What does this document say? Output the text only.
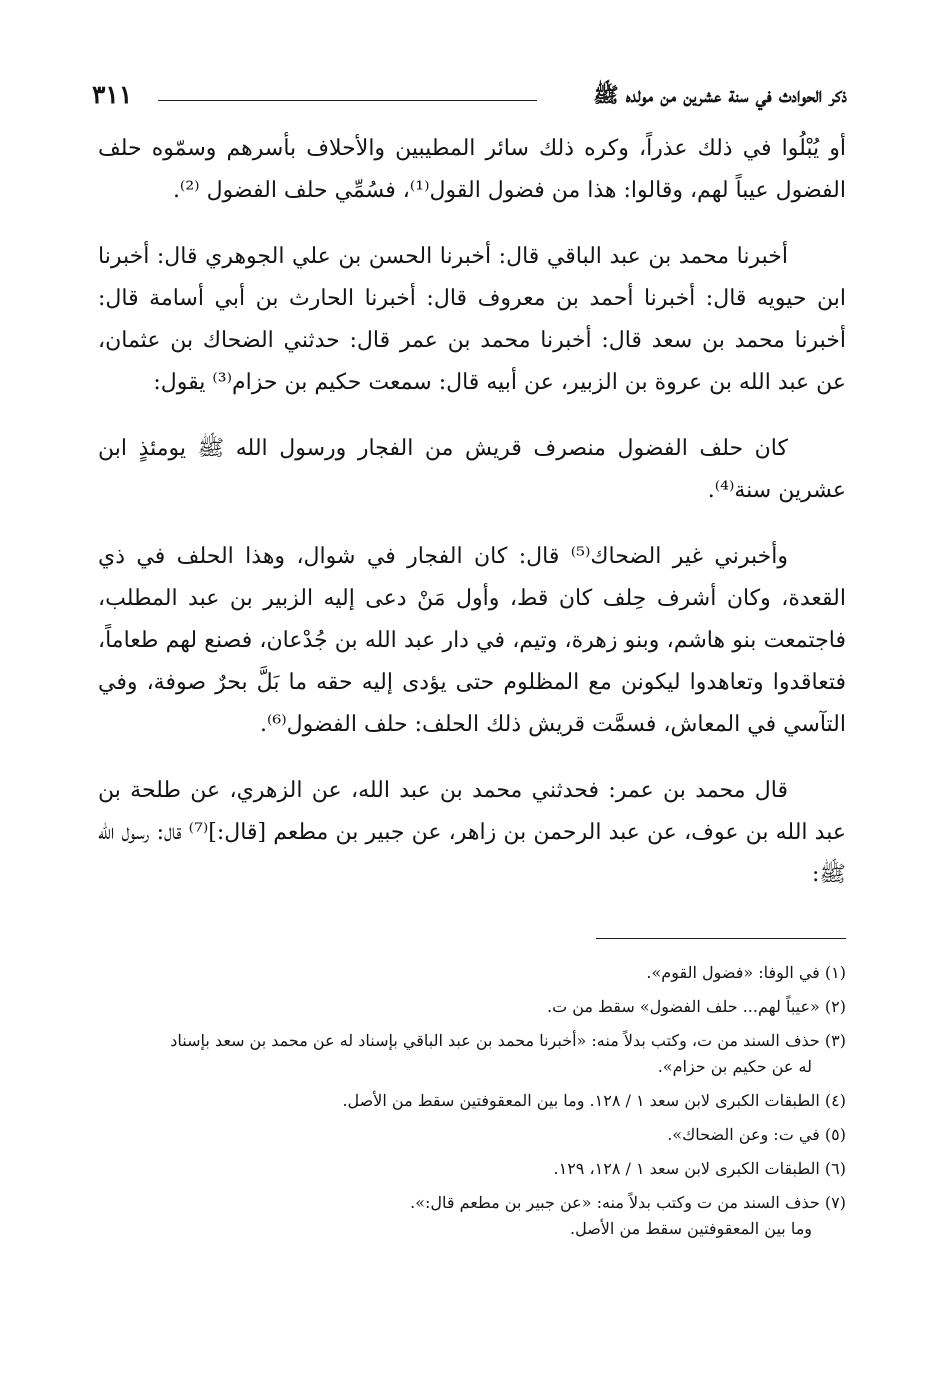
ذكر الحوادث في سنة عشرين من مولده ﷺ
٣١١

أو يُبْلُوا في ذلك عذراً، وكره ذلك سائر المطيبين والأحلاف بأسرهم وسمّوه حلف الفضول عيباً لهم، وقالوا: هذا من فضول القول⁽¹⁾، فسُمِّي حلف الفضول ⁽²⁾.

أخبرنا محمد بن عبد الباقي قال: أخبرنا الحسن بن علي الجوهري قال: أخبرنا ابن حيويه قال: أخبرنا أحمد بن معروف قال: أخبرنا الحارث بن أبي أسامة قال: أخبرنا محمد بن سعد قال: أخبرنا محمد بن عمر قال: حدثني الضحاك بن عثمان، عن عبد الله بن عروة بن الزبير، عن أبيه قال: سمعت حكيم بن حزام⁽³⁾ يقول:

كان حلف الفضول منصرف قريش من الفجار ورسول الله ﷺ يومئذٍ ابن عشرين سنة⁽⁴⁾.

وأخبرني غير الضحاك⁽⁵⁾ قال: كان الفجار في شوال، وهذا الحلف في ذي القعدة، وكان أشرف حِلف كان قط، وأول مَنْ دعى إليه الزبير بن عبد المطلب، فاجتمعت بنو هاشم، وبنو زهرة، وتيم، في دار عبد الله بن جُدْعان، فصنع لهم طعاماً، فتعاقدوا وتعاهدوا ليكونن مع المظلوم حتى يؤدى إليه حقه ما بَلَّ بحرٌ صوفة، وفي التآسي في المعاش، فسمَّت قريش ذلك الحلف: حلف الفضول⁽⁶⁾.

قال محمد بن عمر: فحدثني محمد بن عبد الله، عن الزهري، عن طلحة بن عبد الله بن عوف، عن عبد الرحمن بن زاهر، عن جبير بن مطعم [قال:]⁽⁷⁾ قال: رسول الله ﷺ:

(١) في الوفا: «فضول القوم».
(٢) «عيباً لهم... حلف الفضول» سقط من ت.
(٣) حذف السند من ت، وكتب بدلاً منه: «أخبرنا محمد بن عبد الباقي بإسناد له عن محمد بن سعد بإسناد
له عن حكيم بن حزام».
(٤) الطبقات الكبرى لابن سعد ١ / ١٢٨. وما بين المعقوفتين سقط من الأصل.
(٥) في ت: وعن الضحاك».
(٦) الطبقات الكبرى لابن سعد ١ / ١٢٨، ١٢٩.
(٧) حذف السند من ت وكتب بدلاً منه: «عن جبير بن مطعم قال:».
وما بين المعقوفتين سقط من الأصل.
